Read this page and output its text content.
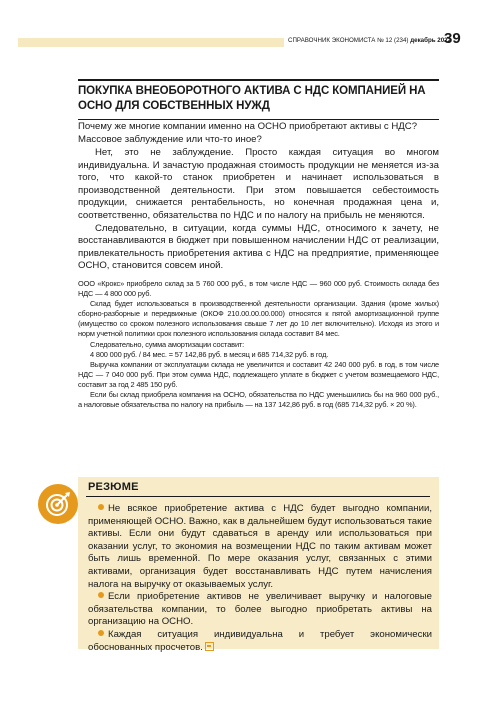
СПРАВОЧНИК ЭКОНОМИСТА № 12 (234) декабрь 2022
39
ПОКУПКА ВНЕОБОРОТНОГО АКТИВА С НДС КОМПАНИЕЙ НА ОСНО ДЛЯ СОБСТВЕННЫХ НУЖД
Почему же многие компании именно на ОСНО приобретают активы с НДС? Массовое заблуждение или что-то иное?

Нет, это не заблуждение. Просто каждая ситуация во многом индивидуальна. И зачастую продажная стоимость продукции не меняется из-за того, что какой-то станок приобретен и начинает использоваться в производственной деятельности. При этом повышается себестоимость продукции, снижается рентабельность, но конечная продажная цена и, соответственно, обязательства по НДС и по налогу на прибыль не меняются.

Следовательно, в ситуации, когда суммы НДС, относимого к зачету, не восстанавливаются в бюджет при повышенном начислении НДС от реализации, привлекательность приобретения актива с НДС на предприятие, применяющее ОСНО, становится совсем иной.

ООО «Крокс» приобрело склад за 5 760 000 руб., в том числе НДС — 960 000 руб. Стоимость склада без НДС — 4 800 000 руб.

Склад будет использоваться в производственной деятельности организации. Здания (кроме жилых) сборно-разборные и передвижные (ОКОФ 210.00.00.00.000) относятся к пятой амортизационной группе (имущество со сроком полезного использования свыше 7 лет до 10 лет включительно). Исходя из этого и норм учетной политики срок полезного использования склада составит 84 мес.

Следовательно, сумма амортизации составит:

4 800 000 руб. / 84 мес. = 57 142,86 руб. в месяц и 685 714,32 руб. в год.

Выручка компании от эксплуатации склада не увеличится и составит 42 240 000 руб. в год, в том числе НДС — 7 040 000 руб. При этом сумма НДС, подлежащего уплате в бюджет с учетом возмещаемого НДС, составит за год 2 485 150 руб.

Если бы склад приобрела компания на ОСНО, обязательства по НДС уменьшились бы на 960 000 руб., а налоговые обязательства по налогу на прибыль — на 137 142,86 руб. в год (685 714,32 руб. × 20 %).

РЕЗЮМЕ

Не всякое приобретение актива с НДС будет выгодно компании, применяющей ОСНО. Важно, как в дальнейшем будут использоваться такие активы. Если они будут сдаваться в аренду или использоваться при оказании услуг, то экономия на возмещении НДС по таким активам может быть лишь временной. По мере оказания услуг, связанных с этими активами, организация будет восстанавливать НДС путем начисления налога на выручку от оказываемых услуг.

Если приобретение активов не увеличивает выручку и налоговые обязательства компании, то более выгодно приобретать активы на организацию на ОСНО.

Каждая ситуация индивидуальна и требует экономически обоснованных просчетов.
